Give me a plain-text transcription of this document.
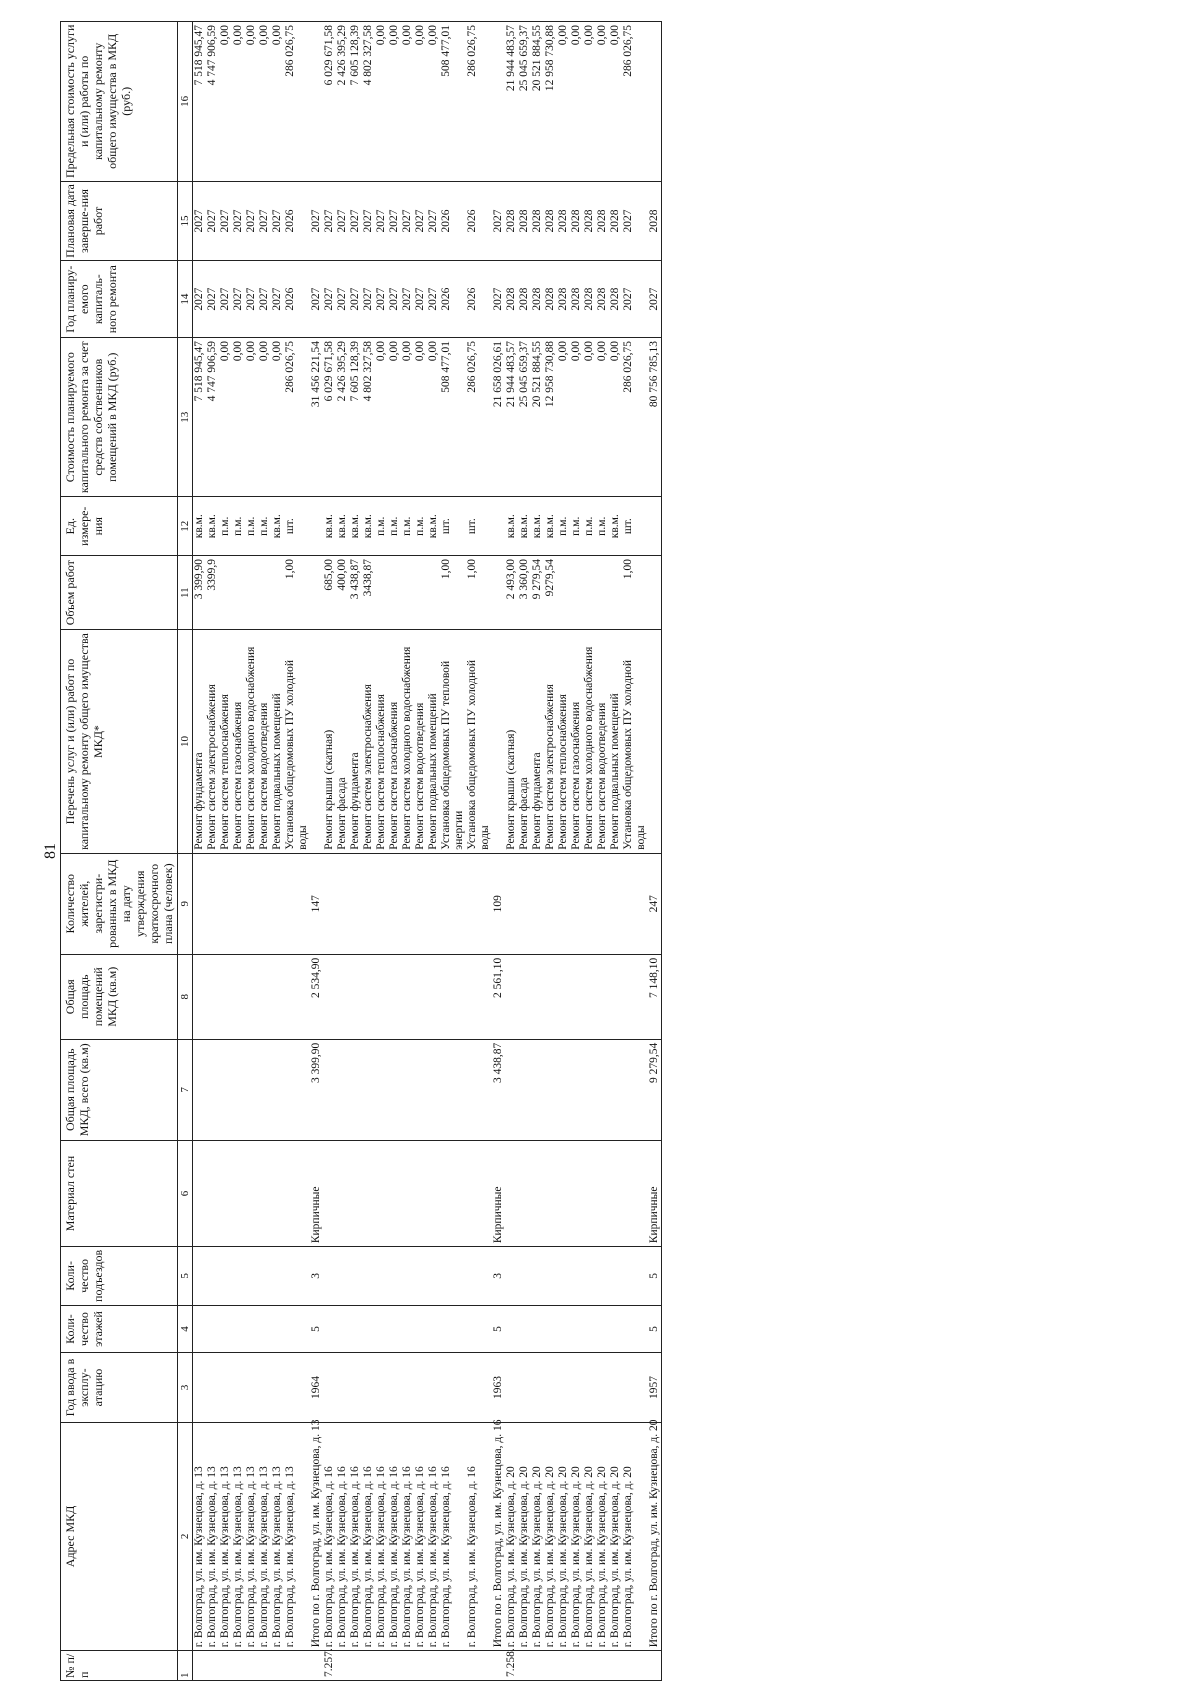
81
№ п/п	Адрес МКД	Год ввода в эксплу-атацию	Коли-чество этажей	Коли-чество подъездов	Материал стен	Общая площадь МКД, всего (кв.м)	Общая площадь помещений МКД (кв.м)	Количество жителей, зарегистри-рованных в МКД на дату утверждения краткосрочного плана (человек)	Перечень услуг и (или) работ по капитальному ремонту общего имущества МКД*	Объем работ	Ед. измере-ния	Стоимость планируемого капитального ремонта за счет средств собственников помещений в МКД (руб.)	Год планиру-емого капиталь-ного ремонта	Плановая дата заверше-ния работ	Предельная стоимость услуги и (или) работы по капитальному ремонту общего имущества в МКД (руб.)
1	2	3	4	5	6	7	8	9	10	11	12	13	14	15	16
	г. Волгоград, ул. им. Кузнецова, д. 13								Ремонт фундамента	3 399,90	кв.м.	7 518 945,47	2027	2027	7 518 945,47
	г. Волгоград, ул. им. Кузнецова, д. 13								Ремонт систем электроснабжения	3399,9	кв.м.	4 747 906,59	2027	2027	4 747 906,59
	г. Волгоград, ул. им. Кузнецова, д. 13								Ремонт систем теплоснабжения		п.м.	0,00	2027	2027	0,00
	г. Волгоград, ул. им. Кузнецова, д. 13								Ремонт систем газоснабжения		п.м.	0,00	2027	2027	0,00
	г. Волгоград, ул. им. Кузнецова, д. 13								Ремонт систем холодного водоснабжения		п.м.	0,00	2027	2027	0,00
	г. Волгоград, ул. им. Кузнецова, д. 13								Ремонт систем водоотведения		п.м.	0,00	2027	2027	0,00
	г. Волгоград, ул. им. Кузнецова, д. 13								Ремонт подвальных помещений		кв.м.	0,00	2027	2027	0,00
	г. Волгоград, ул. им. Кузнецова, д. 13								Установка общедомовых ПУ холодной воды	1,00	шт.	286 026,75	2026	2026	286 026,75
	Итого по г. Волгоград, ул. им. Кузнецова, д. 13	1964	5	3	Кирпичные	3 399,90	2 534,90	147				31 456 221,54	2027	2027	
7.257.	г. Волгоград, ул. им. Кузнецова, д. 16								Ремонт крыши (скатная)	685,00	кв.м.	6 029 671,58	2027	2027	6 029 671,58
	г. Волгоград, ул. им. Кузнецова, д. 16								Ремонт фасада	400,00	кв.м.	2 426 395,29	2027	2027	2 426 395,29
	г. Волгоград, ул. им. Кузнецова, д. 16								Ремонт фундамента	3 438,87	кв.м.	7 605 128,39	2027	2027	7 605 128,39
	г. Волгоград, ул. им. Кузнецова, д. 16								Ремонт систем электроснабжения	3438,87	кв.м.	4 802 327,58	2027	2027	4 802 327,58
	г. Волгоград, ул. им. Кузнецова, д. 16								Ремонт систем теплоснабжения		п.м.	0,00	2027	2027	0,00
	г. Волгоград, ул. им. Кузнецова, д. 16								Ремонт систем газоснабжения		п.м.	0,00	2027	2027	0,00
	г. Волгоград, ул. им. Кузнецова, д. 16								Ремонт систем холодного водоснабжения		п.м.	0,00	2027	2027	0,00
	г. Волгоград, ул. им. Кузнецова, д. 16								Ремонт систем водоотведения		п.м.	0,00	2027	2027	0,00
	г. Волгоград, ул. им. Кузнецова, д. 16								Ремонт подвальных помещений		кв.м.	0,00	2027	2027	0,00
	г. Волгоград, ул. им. Кузнецова, д. 16								Установка общедомовых ПУ тепловой энергии	1,00	шт.	508 477,01	2026	2026	508 477,01
	г. Волгоград, ул. им. Кузнецова, д. 16								Установка общедомовых ПУ холодной воды	1,00	шт.	286 026,75	2026	2026	286 026,75
	Итого по г. Волгоград, ул. им. Кузнецова, д. 16	1963	5	3	Кирпичные	3 438,87	2 561,10	109				21 658 026,61	2027	2027	
7.258.	г. Волгоград, ул. им. Кузнецова, д. 20								Ремонт крыши (скатная)	2 493,00	кв.м.	21 944 483,57	2028	2028	21 944 483,57
	г. Волгоград, ул. им. Кузнецова, д. 20								Ремонт фасада	3 360,00	кв.м.	25 045 659,37	2028	2028	25 045 659,37
	г. Волгоград, ул. им. Кузнецова, д. 20								Ремонт фундамента	9 279,54	кв.м.	20 521 884,55	2028	2028	20 521 884,55
	г. Волгоград, ул. им. Кузнецова, д. 20								Ремонт систем электроснабжения	9279,54	кв.м.	12 958 730,88	2028	2028	12 958 730,88
	г. Волгоград, ул. им. Кузнецова, д. 20								Ремонт систем теплоснабжения		п.м.	0,00	2028	2028	0,00
	г. Волгоград, ул. им. Кузнецова, д. 20								Ремонт систем газоснабжения		п.м.	0,00	2028	2028	0,00
	г. Волгоград, ул. им. Кузнецова, д. 20								Ремонт систем холодного водоснабжения		п.м.	0,00	2028	2028	0,00
	г. Волгоград, ул. им. Кузнецова, д. 20								Ремонт систем водоотведения		п.м.	0,00	2028	2028	0,00
	г. Волгоград, ул. им. Кузнецова, д. 20								Ремонт подвальных помещений		кв.м.	0,00	2028	2028	0,00
	г. Волгоград, ул. им. Кузнецова, д. 20								Установка общедомовых ПУ холодной воды	1,00	шт.	286 026,75	2027	2027	286 026,75
	Итого по г. Волгоград, ул. им. Кузнецова, д. 20	1957	5	5	Кирпичные	9 279,54	7 148,10	247				80 756 785,13	2027	2028	
